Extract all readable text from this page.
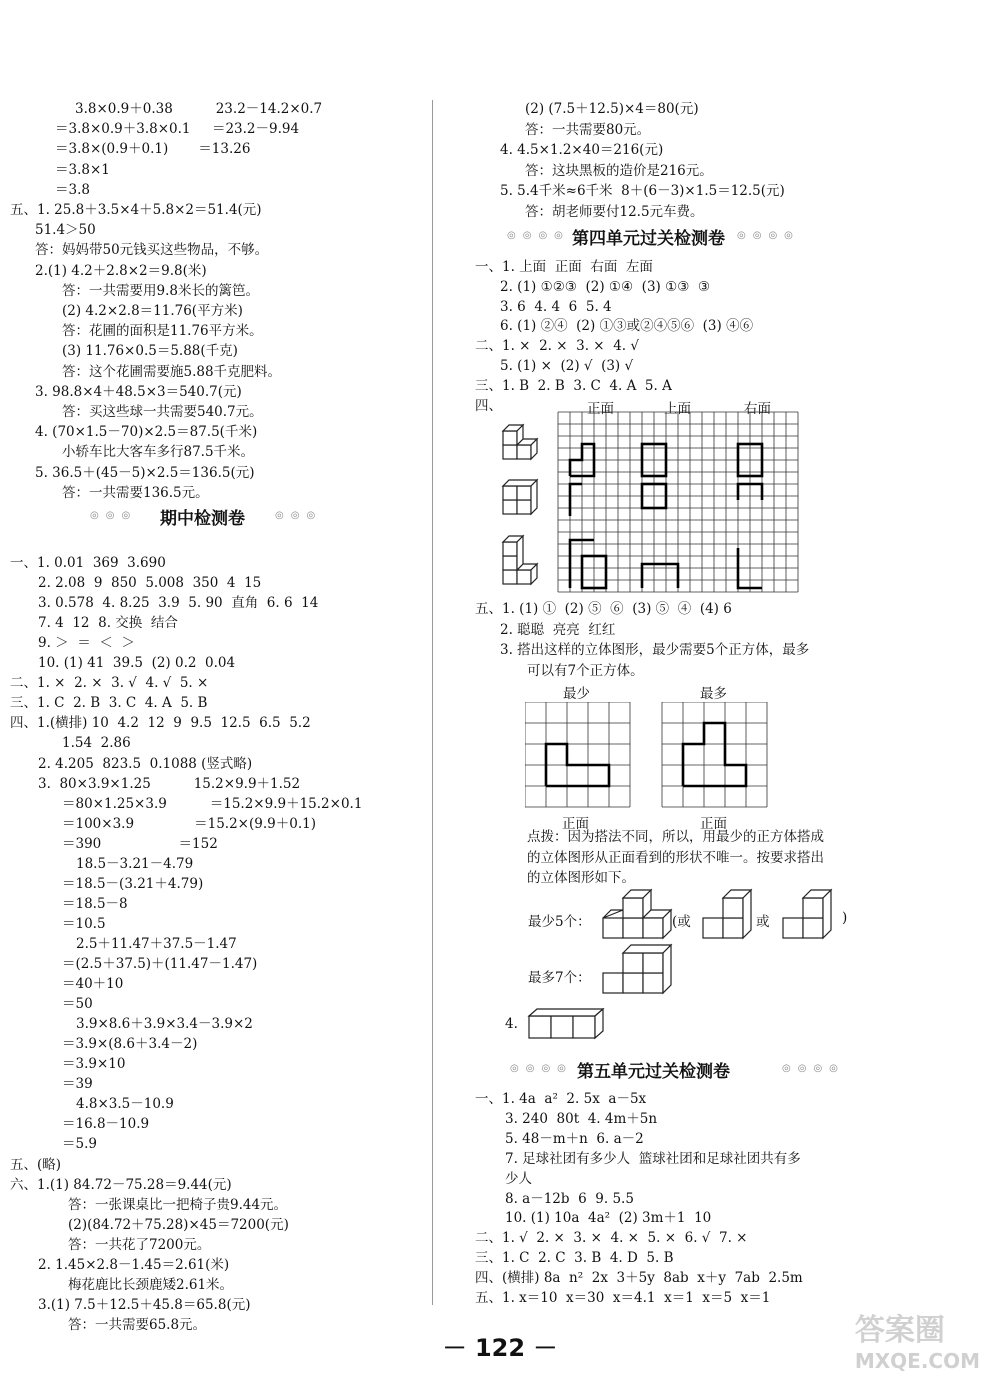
3.8×0.9＋0.38          23.2－14.2×0.7
＝3.8×0.9＋3.8×0.1     ＝23.2－9.94
＝3.8×(0.9＋0.1)       ＝13.26
＝3.8×1
＝3.8
五、1. 25.8＋3.5×4＋5.8×2＝51.4(元)
51.4＞50
答：妈妈带50元钱买这些物品，不够。
2.(1) 4.2＋2.8×2＝9.8(米)
答：一共需要用9.8米长的篱笆。
(2) 4.2×2.8＝11.76(平方米)
答：花圃的面积是11.76平方米。
(3) 11.76×0.5＝5.88(千克)
答：这个花圃需要施5.88千克肥料。
3. 98.8×4＋48.5×3＝540.7(元)
答：买这些球一共需要540.7元。
4. (70×1.5－70)×2.5＝87.5(千米)
小轿车比大客车多行87.5千米。
5. 36.5＋(45－5)×2.5＝136.5(元)
答：一共需要136.5元。
◎◎◎ 期中检测卷	◎◎◎
一、1. 0.01  369  3.690
2. 2.08  9  850  5.008  350  4  15
3. 0.578  4. 8.25  3.9  5. 90  直角  6. 6  14
7. 4  12  8. 交换  结合
9. ＞  ＝  ＜  ＞
10. (1) 41  39.5  (2) 0.2  0.04
二、1. ×  2. ×  3. √  4. √  5. ×
三、1. C  2. B  3. C  4. A  5. B
四、1.(横排) 10  4.2  12  9  9.5  12.5  6.5  5.2
1.54  2.86
2. 4.205  823.5  0.1088 (竖式略)
3.  80×3.9×1.25          15.2×9.9＋1.52
＝80×1.25×3.9          ＝15.2×9.9＋15.2×0.1
＝100×3.9              ＝15.2×(9.9＋0.1)
＝390                  ＝152
18.5－3.21－4.79
＝18.5－(3.21＋4.79)
＝18.5－8
＝10.5
2.5＋11.47＋37.5－1.47
＝(2.5＋37.5)＋(11.47－1.47)
＝40＋10
＝50
3.9×8.6＋3.9×3.4－3.9×2
＝3.9×(8.6＋3.4－2)
＝3.9×10
＝39
4.8×3.5－10.9
＝16.8－10.9
＝5.9
五、(略)
六、1.(1) 84.72－75.28＝9.44(元)
答：一张课桌比一把椅子贵9.44元。
(2)(84.72＋75.28)×45＝7200(元)
答：一共花了7200元。
2. 1.45×2.8－1.45＝2.61(米)
梅花鹿比长颈鹿矮2.61米。
3.(1) 7.5＋12.5＋45.8＝65.8(元)
答：一共需要65.8元。
(2) (7.5＋12.5)×4＝80(元)
答：一共需要80元。
4. 4.5×1.2×40＝216(元)
答：这块黑板的造价是216元。
5. 5.4千米≈6千米  8＋(6－3)×1.5＝12.5(元)
答：胡老师要付12.5元车费。
◎◎◎◎ 第四单元过关检测卷 ◎◎◎◎
一、1. 上面  正面  右面  左面
2. (1) ①②③  (2) ①④  (3) ①③  ③
3. 6  4. 4  6  5. 4
6. (1) ②④  (2) ①③或②④⑤⑥  (3) ④⑥
二、1. ×  2. ×  3. ×  4. √
5. (1) ×  (2) √  (3) √
三、1. B  2. B  3. C  4. A  5. A
四、	正面	上面	右面
五、1. (1) ①  (2) ⑤  ⑥  (3) ⑤  ④  (4) 6
2. 聪聪  亮亮  红红
3. 搭出这样的立体图形，最少需要5个正方体，最多
可以有7个正方体。
最少	最多
正面	正面
点拨：因为搭法不同，所以，用最少的正方体搭成
的立体图形从正面看到的形状不唯一。按要求搭出
的立体图形如下。
最少5个：	(或	或	)
最多7个：
4.
◎◎◎◎ 第五单元过关检测卷	◎◎◎◎
一、1. 4a  a²  2. 5x  a－5x
3. 240  80t  4. 4m＋5n
5. 48－m＋n  6. a－2
7. 足球社团有多少人  篮球社团和足球社团共有多
少人
8. a－12b  6  9. 5.5
10. (1) 10a  4a²  (2) 3m＋1  10
二、1. √  2. ×  3. ×  4. ×  5. ×  6. √  7. ×
三、1. C  2. C  3. B  4. D  5. B
四、(横排) 8a  n²  2x  3＋5y  8ab  x＋y  7ab  2.5m
五、1. x＝10  x＝30  x＝4.1  x＝1  x＝5  x＝1
－ 122 －	答案圈
MXQE.COM
